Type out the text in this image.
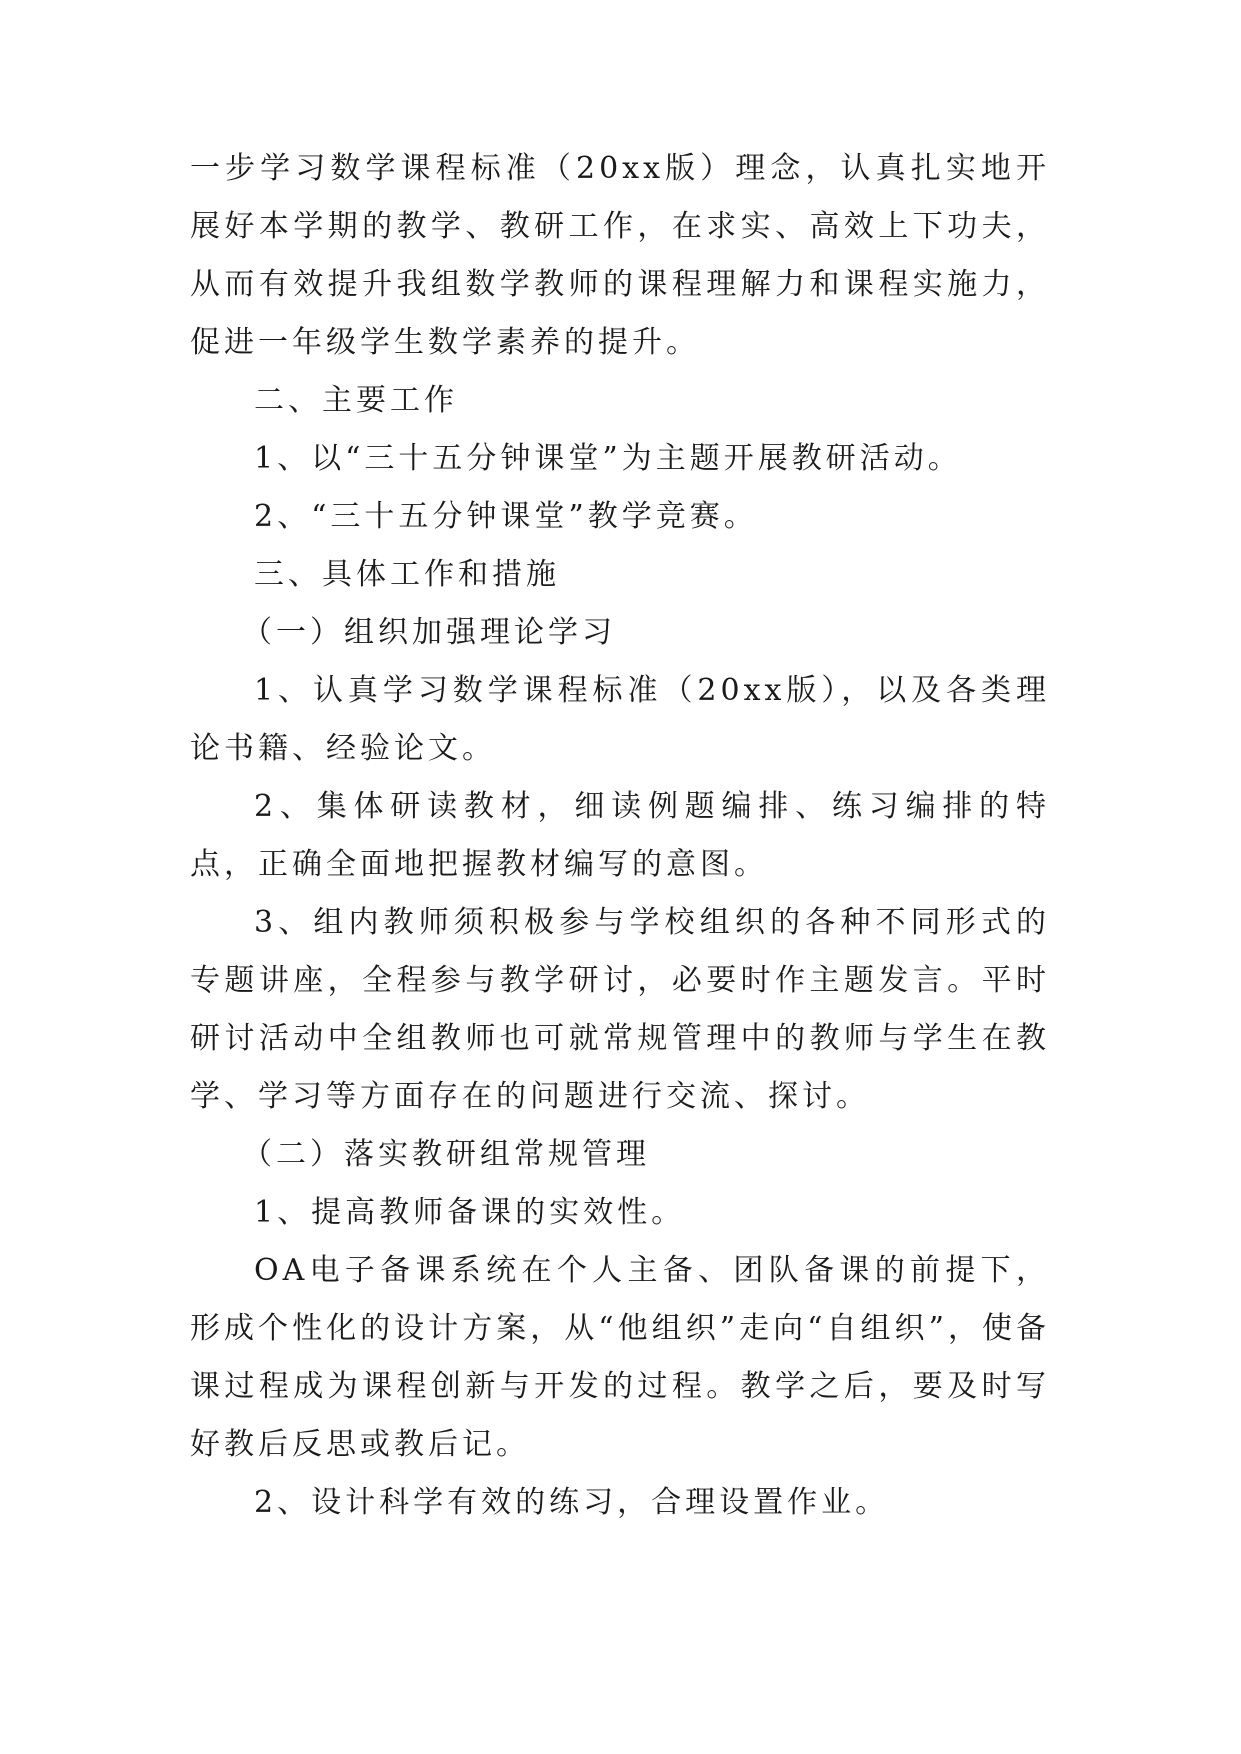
一步学习数学课程标准（20xx版）理念，认真扎实地开展好本学期的教学、教研工作，在求实、高效上下功夫，从而有效提升我组数学教师的课程理解力和课程实施力，促进一年级学生数学素养的提升。

二、主要工作

1、以“三十五分钟课堂”为主题开展教研活动。

2、“三十五分钟课堂”教学竞赛。

三、具体工作和措施

（一）组织加强理论学习

1、认真学习数学课程标准（20xx版），以及各类理论书籍、经验论文。

2、集体研读教材，细读例题编排、练习编排的特点，正确全面地把握教材编写的意图。

3、组内教师须积极参与学校组织的各种不同形式的专题讲座，全程参与教学研讨，必要时作主题发言。平时研讨活动中全组教师也可就常规管理中的教师与学生在教学、学习等方面存在的问题进行交流、探讨。

（二）落实教研组常规管理

1、提高教师备课的实效性。

OA电子备课系统在个人主备、团队备课的前提下，形成个性化的设计方案，从“他组织”走向“自组织”，使备课过程成为课程创新与开发的过程。教学之后，要及时写好教后反思或教后记。

2、设计科学有效的练习，合理设置作业。
